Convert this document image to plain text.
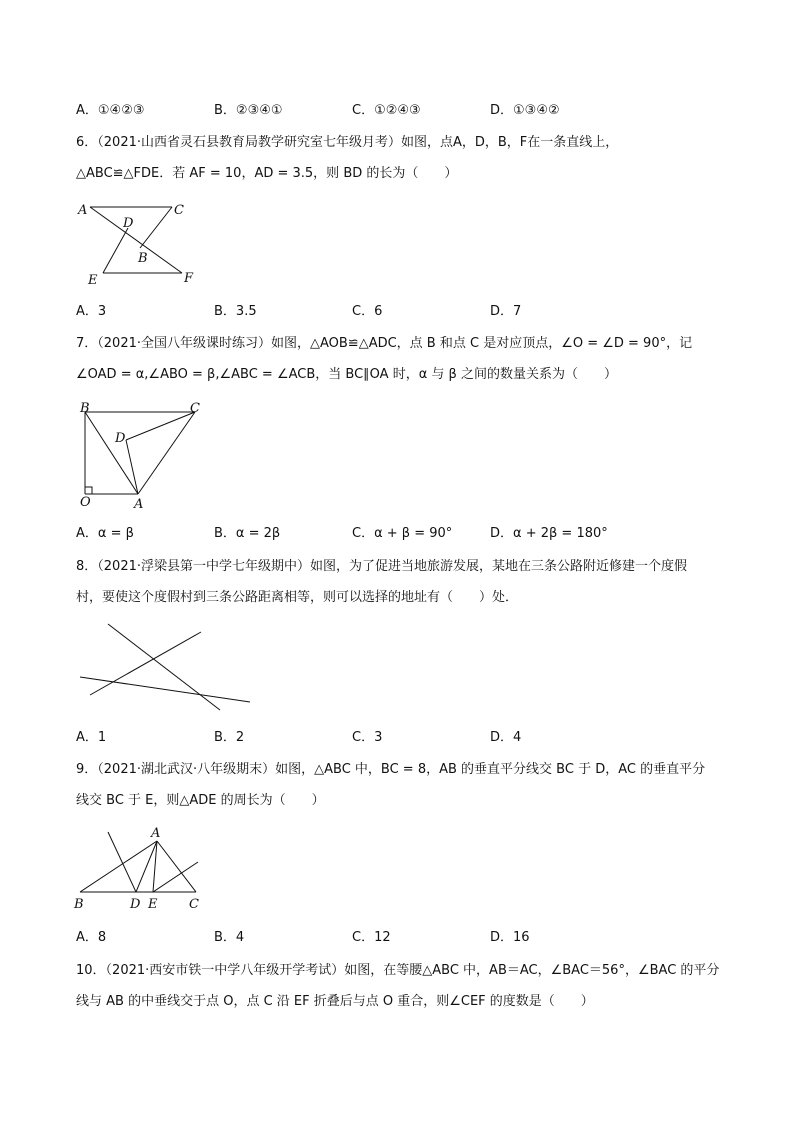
A．①④②③	B．②③④①	C．①②④③	D．①③④②
6．（2021·山西省灵石县教育局教学研究室七年级月考）如图，点A，D，B，F在一条直线上，
△ABC≌△FDE．若 AF = 10，AD = 3.5，则 BD 的长为（　　）
A	C
D
B
E	F
A．3	B．3.5	C．6	D．7
7．（2021·全国八年级课时练习）如图，△AOB≌△ADC，点 B 和点 C 是对应顶点，∠O = ∠D = 90°，记
∠OAD = α,∠ABO = β,∠ABC = ∠ACB，当 BC∥OA 时，α 与 β 之间的数量关系为（　　）
B	C
D
O	A
A．α = β	B．α = 2β	C．α + β = 90°	D．α + 2β = 180°
8．（2021·浮梁县第一中学七年级期中）如图，为了促进当地旅游发展，某地在三条公路附近修建一个度假
村，要使这个度假村到三条公路距离相等，则可以选择的地址有（　　）处．
A．1	B．2	C．3	D．4
9．（2021·湖北武汉·八年级期末）如图，△ABC 中，BC = 8，AB 的垂直平分线交 BC 于 D，AC 的垂直平分
线交 BC 于 E，则△ADE 的周长为（　　）
A
B	D E C
A．8	B．4	C．12	D．16
10．（2021·西安市铁一中学八年级开学考试）如图，在等腰△ABC 中，AB＝AC，∠BAC＝56°，∠BAC 的平分
线与 AB 的中垂线交于点 O，点 C 沿 EF 折叠后与点 O 重合，则∠CEF 的度数是（　　）
